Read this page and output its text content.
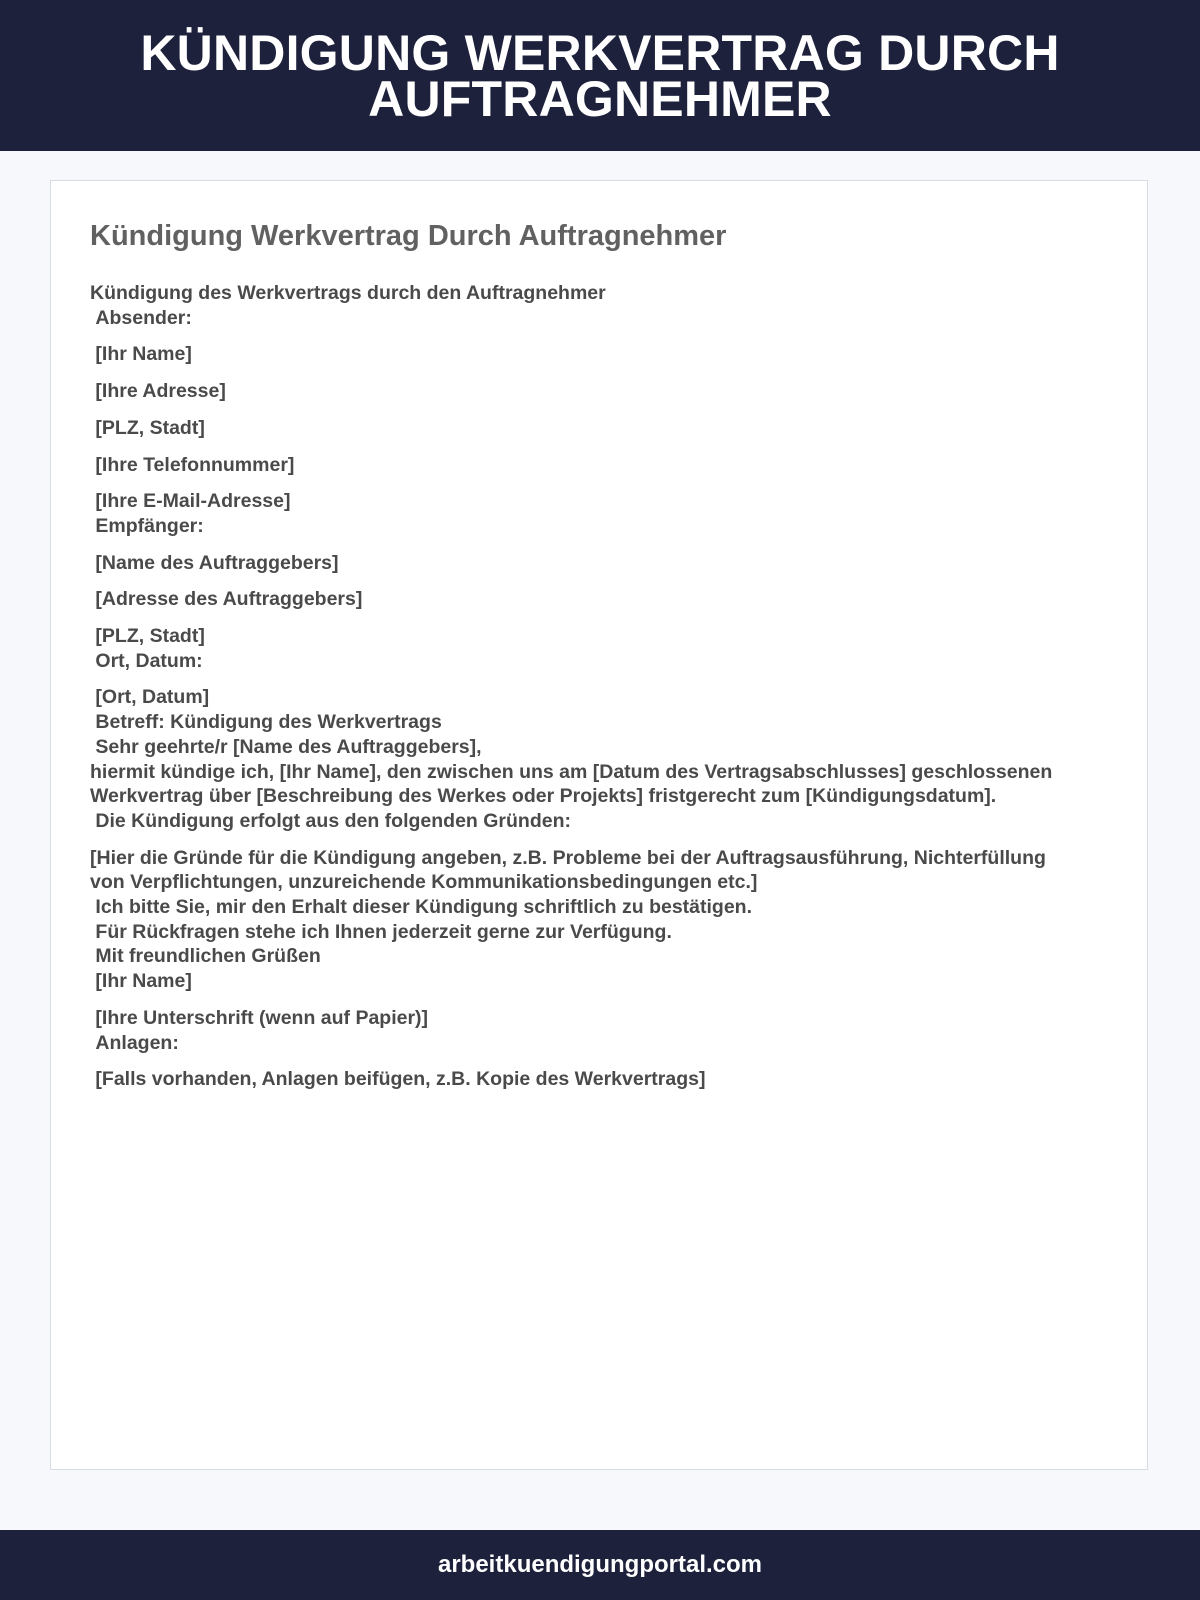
KÜNDIGUNG WERKVERTRAG DURCH AUFTRAGNEHMER
Kündigung Werkvertrag Durch Auftragnehmer
Kündigung des Werkvertrags durch den Auftragnehmer
Absender:
[Ihr Name]
[Ihre Adresse]
[PLZ, Stadt]
[Ihre Telefonnummer]
[Ihre E-Mail-Adresse]
Empfänger:
[Name des Auftraggebers]
[Adresse des Auftraggebers]
[PLZ, Stadt]
Ort, Datum:
[Ort, Datum]
Betreff: Kündigung des Werkvertrags
Sehr geehrte/r [Name des Auftraggebers],
hiermit kündige ich, [Ihr Name], den zwischen uns am [Datum des Vertragsabschlusses] geschlossenen
Werkvertrag über [Beschreibung des Werkes oder Projekts] fristgerecht zum [Kündigungsdatum].
Die Kündigung erfolgt aus den folgenden Gründen:
[Hier die Gründe für die Kündigung angeben, z.B. Probleme bei der Auftragsausführung, Nichterfüllung
von Verpflichtungen, unzureichende Kommunikationsbedingungen etc.]
Ich bitte Sie, mir den Erhalt dieser Kündigung schriftlich zu bestätigen.
Für Rückfragen stehe ich Ihnen jederzeit gerne zur Verfügung.
Mit freundlichen Grüßen
[Ihr Name]
[Ihre Unterschrift (wenn auf Papier)]
Anlagen:
[Falls vorhanden, Anlagen beifügen, z.B. Kopie des Werkvertrags]
arbeitkuendigungportal.com
